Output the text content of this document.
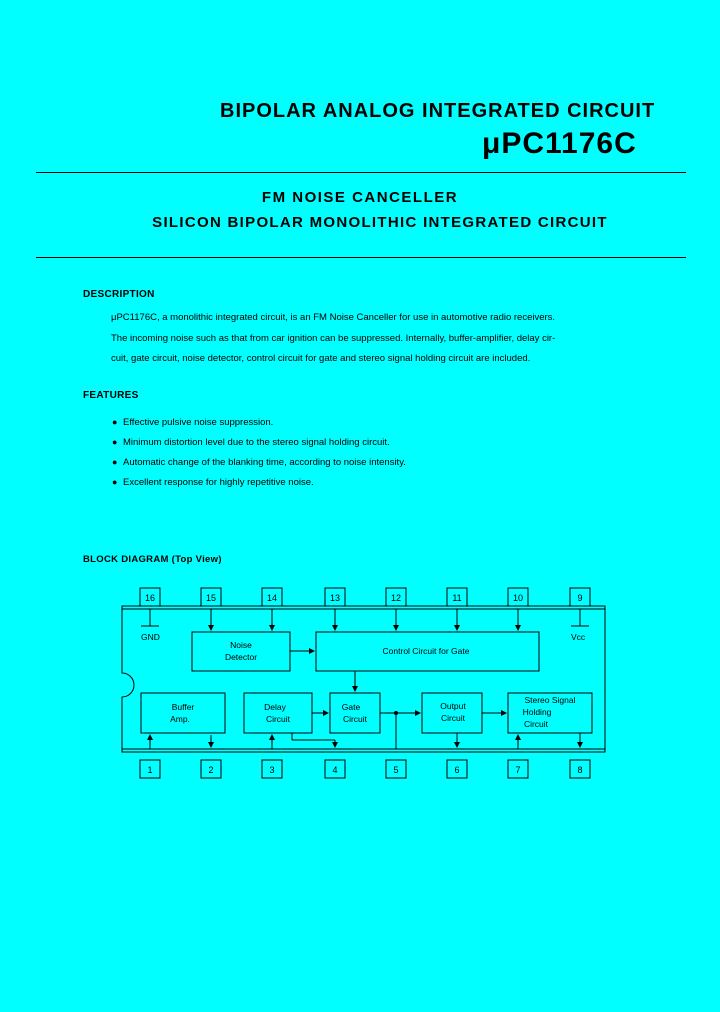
BIPOLAR ANALOG INTEGRATED CIRCUIT
μPC1176C
FM NOISE CANCELLER
SILICON BIPOLAR MONOLITHIC INTEGRATED CIRCUIT
DESCRIPTION

μPC1176C, a monolithic integrated circuit, is an FM Noise Canceller for use in automotive radio receivers.

The incoming noise such as that from car ignition can be suppressed. Internally, buffer-amplifier, delay cir-

cuit, gate circuit, noise detector, control circuit for gate and stereo signal holding circuit are included.

FEATURES
● Effective pulsive noise suppression.
● Minimum distortion level due to the stereo signal holding circuit.
● Automatic change of the blanking time, according to noise intensity.
● Excellent response for highly repetitive noise.
BLOCK DIAGRAM (Top View)
16	15	14	13	12	11	10	9
1	2	3	4	5	6	7	8
GND	Vcc
Noise
Detector
Control Circuit for Gate
Buffer
Amp.
Delay
Circuit
Gate
Circuit
Output
Circuit
Stereo Signal
Holding
Circuit
